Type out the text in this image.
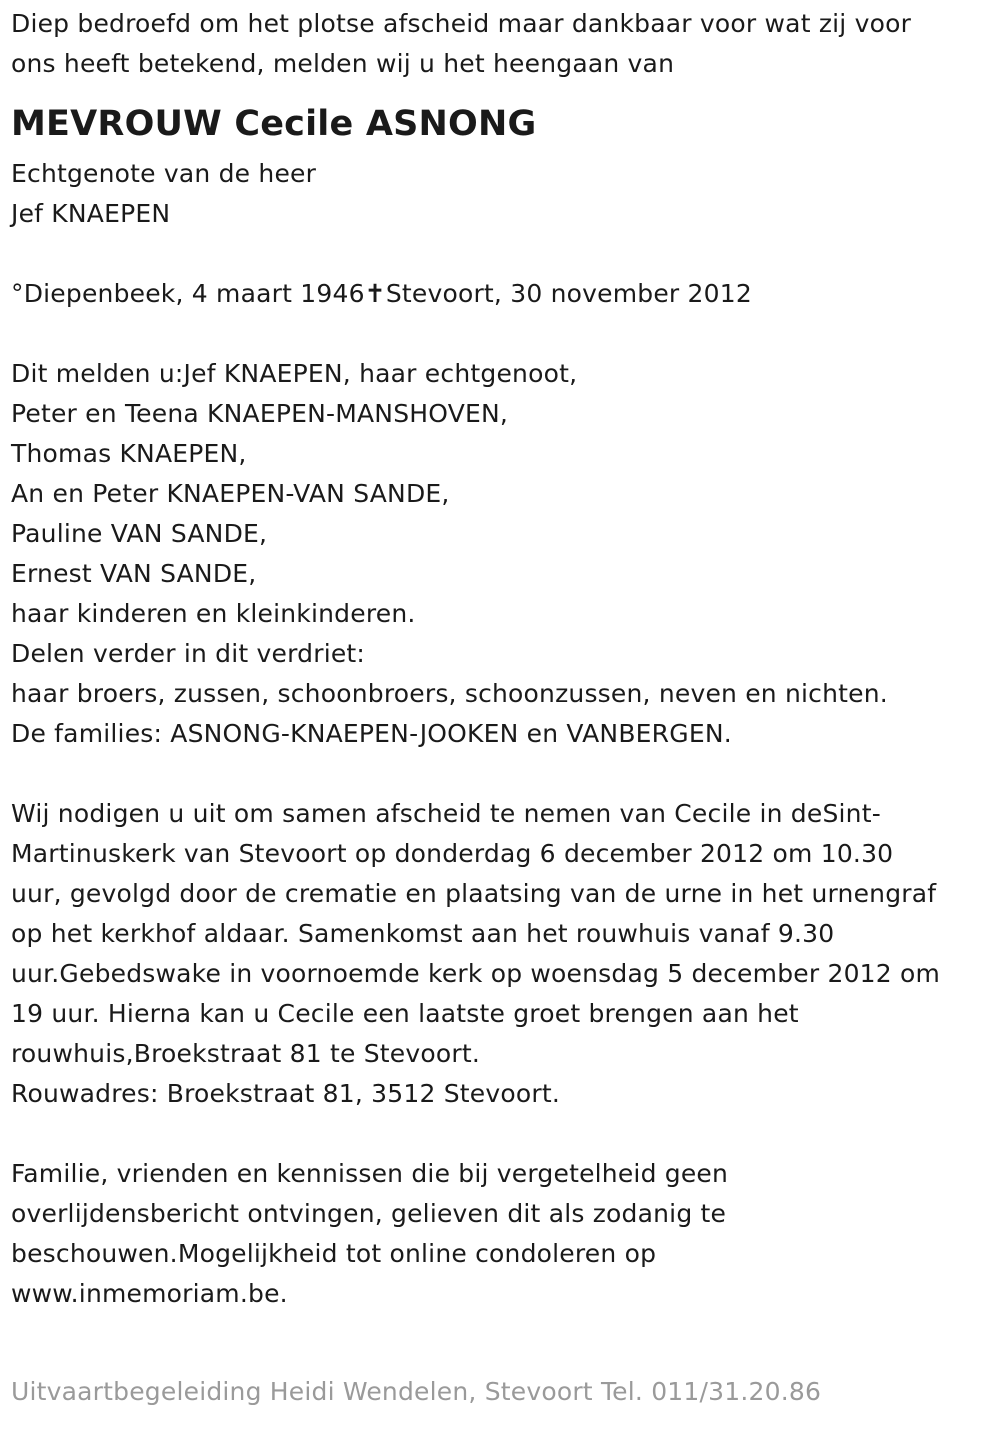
Diep bedroefd om het plotse afscheid maar dankbaar voor wat zij voor
ons heeft betekend, melden wij u het heengaan van
MEVROUW Cecile ASNONG
Echtgenote van de heer
Jef KNAEPEN
°Diepenbeek, 4 maart 1946✝Stevoort, 30 november 2012
Dit melden u:Jef KNAEPEN, haar echtgenoot,
Peter en Teena KNAEPEN-MANSHOVEN,
Thomas KNAEPEN,
An en Peter KNAEPEN-VAN SANDE,
Pauline VAN SANDE,
Ernest VAN SANDE,
haar kinderen en kleinkinderen.
Delen verder in dit verdriet:
haar broers, zussen, schoonbroers, schoonzussen, neven en nichten.
De families: ASNONG-KNAEPEN-JOOKEN en VANBERGEN.
Wij nodigen u uit om samen afscheid te nemen van Cecile in deSint-
Martinuskerk van Stevoort op donderdag 6 december 2012 om 10.30
uur, gevolgd door de crematie en plaatsing van de urne in het urnengraf
op het kerkhof aldaar. Samenkomst aan het rouwhuis vanaf 9.30
uur.Gebedswake in voornoemde kerk op woensdag 5 december 2012 om
19 uur. Hierna kan u Cecile een laatste groet brengen aan het
rouwhuis,Broekstraat 81 te Stevoort.
Rouwadres: Broekstraat 81, 3512 Stevoort.
Familie, vrienden en kennissen die bij vergetelheid geen
overlijdensbericht ontvingen, gelieven dit als zodanig te
beschouwen.Mogelijkheid tot online condoleren op
www.inmemoriam.be.
Uitvaartbegeleiding Heidi Wendelen, Stevoort Tel. 011/31.20.86
